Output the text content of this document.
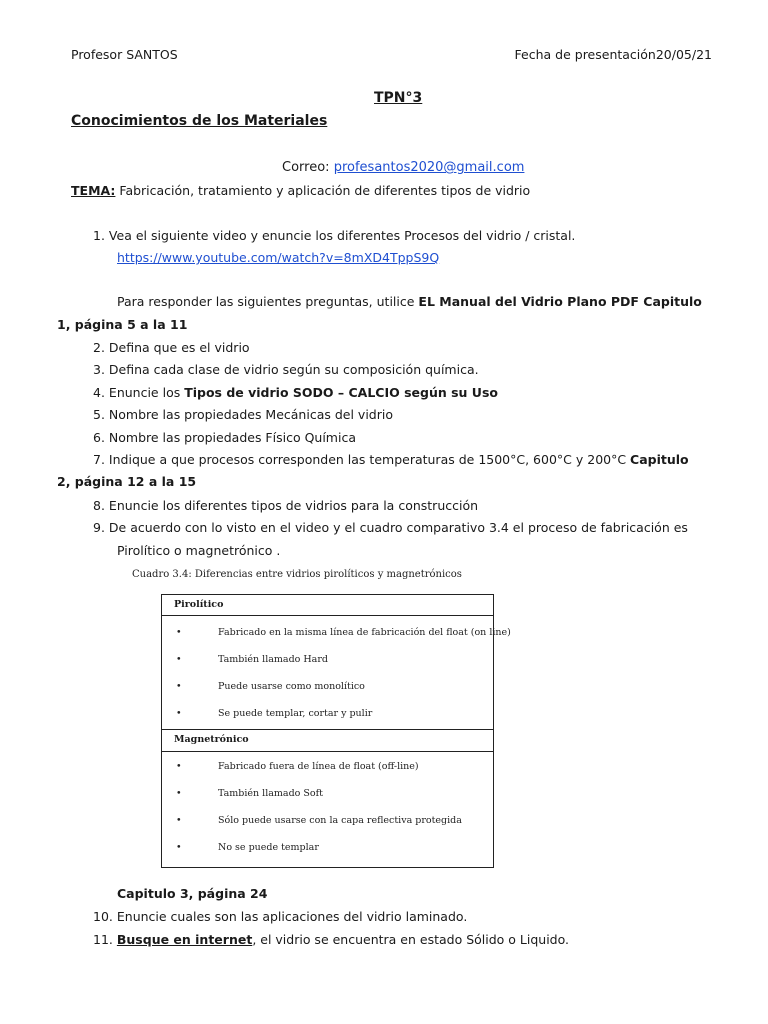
Profesor SANTOS	Fecha de presentación20/05/21
TPN°3
Conocimientos de los Materiales
Correo: profesantos2020@gmail.com
TEMA: Fabricación, tratamiento y aplicación de diferentes tipos de vidrio
1. Vea el siguiente video y enuncie los diferentes Procesos del vidrio / cristal.
https://www.youtube.com/watch?v=8mXD4TppS9Q
Para responder las siguientes preguntas, utilice EL Manual del Vidrio Plano PDF Capitulo
1, página 5 a la 11
2. Defina que es el vidrio
3. Defina cada clase de vidrio según su composición química.
4. Enuncie los Tipos de vidrio SODO – CALCIO según su Uso
5. Nombre las propiedades Mecánicas del vidrio
6. Nombre las propiedades Físico Química
7. Indique a que procesos corresponden las temperaturas de 1500°C, 600°C y 200°C Capitulo
2, página 12 a la 15
8. Enuncie los diferentes tipos de vidrios para la construcción
9. De acuerdo con lo visto en el video y el cuadro comparativo 3.4 el proceso de fabricación es
Pirolítico o magnetrónico .
Cuadro 3.4: Diferencias entre vidrios pirolíticos y magnetrónicos
Pirolítico
•	Fabricado en la misma línea de fabricación del float (on line)
•	También llamado Hard
•	Puede usarse como monolítico
•	Se puede templar, cortar y pulir
Magnetrónico
•	Fabricado fuera de línea de float (off-line)
•	También llamado Soft
•	Sólo puede usarse con la capa reflectiva protegida
•	No se puede templar
Capitulo 3, página 24
10. Enuncie cuales son las aplicaciones del vidrio laminado.
11. Busque en internet, el vidrio se encuentra en estado Sólido o Liquido.
